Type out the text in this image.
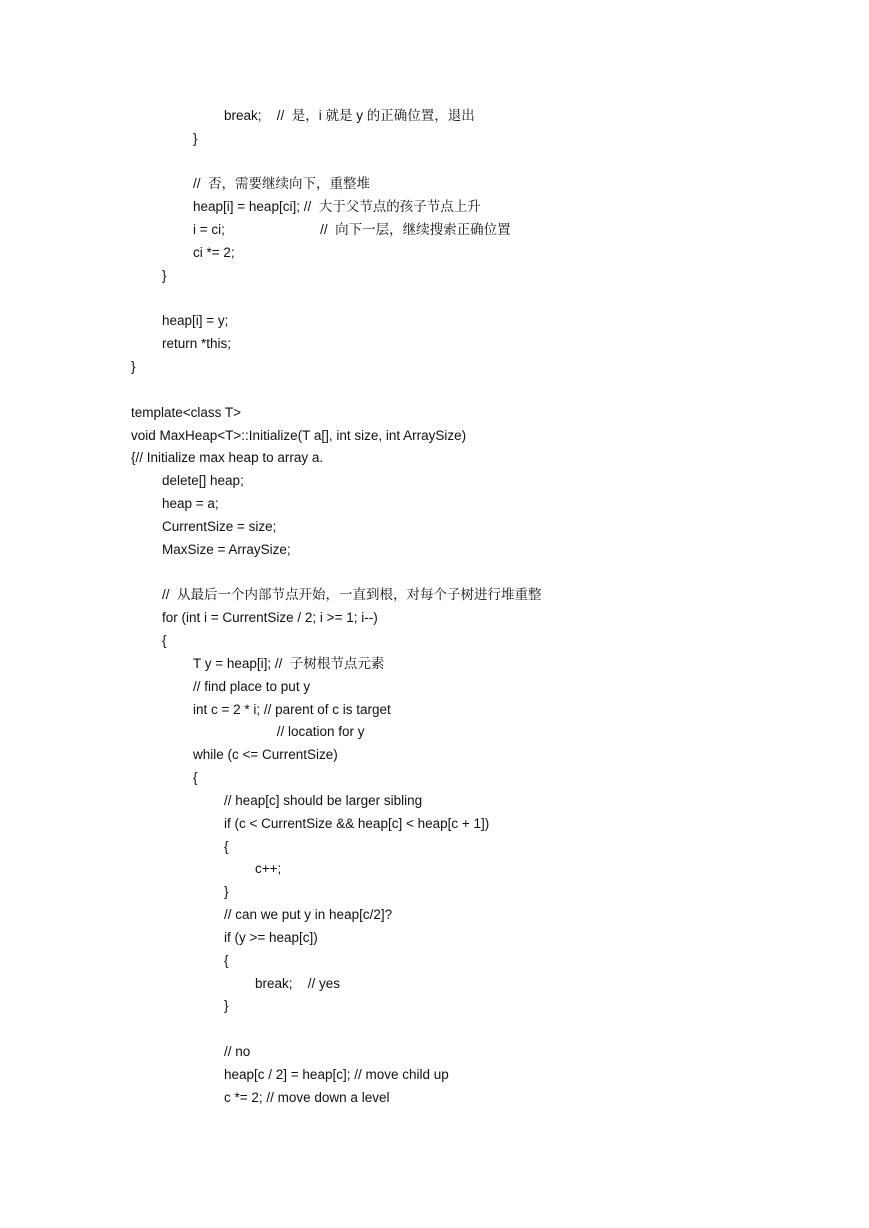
break; //  是，i 就是 y 的正确位置，退出
}
//  否，需要继续向下，重整堆
heap[i] = heap[ci]; //  大于父节点的孩子节点上升
i = ci;	//  向下一层，继续搜索正确位置
ci *= 2;
}
heap[i] = y;
return *this;
}
template<class T>
void MaxHeap<T>::Initialize(T a[], int size, int ArraySize)
{// Initialize max heap to array a.
delete[] heap;
heap = a;
CurrentSize = size;
MaxSize = ArraySize;
//  从最后一个内部节点开始，一直到根，对每个子树进行堆重整
for (int i = CurrentSize / 2; i >= 1; i--)
{
T y = heap[i]; //  子树根节点元素
// find place to put y
int c = 2 * i; // parent of c is target
// location for y
while (c <= CurrentSize)
{
// heap[c] should be larger sibling
if (c < CurrentSize && heap[c] < heap[c + 1])
{
c++;
}
// can we put y in heap[c/2]?
if (y >= heap[c])
{
break; // yes
}
// no
heap[c / 2] = heap[c]; // move child up
c *= 2; // move down a level
